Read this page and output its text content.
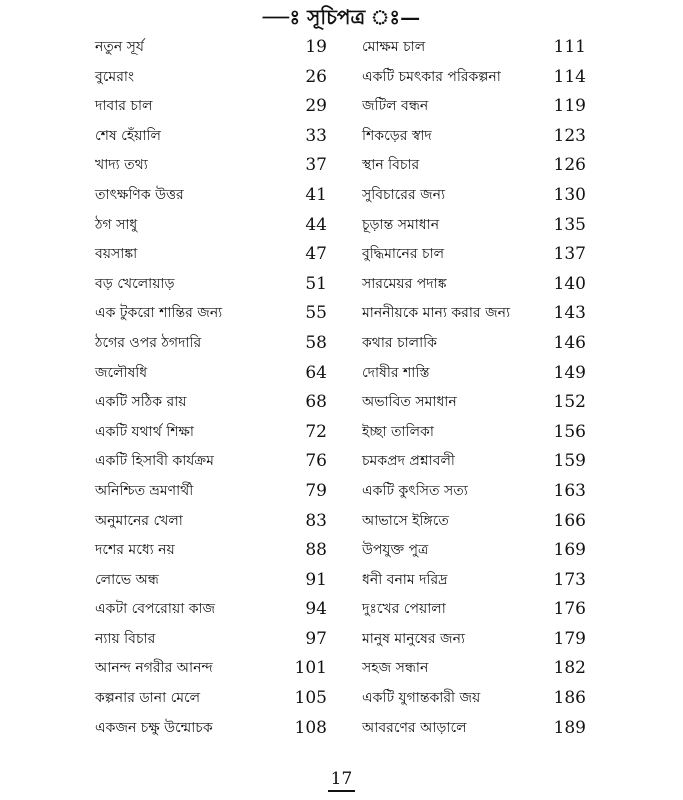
—ঃ সূচিপত্র ঃ—
নতুন সূর্য	19
বুমেরাং	26
দাবার চাল	29
শেষ হেঁয়ালি	33
খাদ্য তথ্য	37
তাৎক্ষণিক উত্তর	41
ঠগ সাধু	44
বয়সাঙ্কা	47
বড় খেলোয়াড়	51
এক টুকরো শান্তির জন্য	55
ঠগের ওপর ঠগদারি	58
জলৌষধি	64
একটি সঠিক রায়	68
একটি যথার্থ শিক্ষা	72
একটি হিসাবী কার্যক্রম	76
অনিশ্চিত ভ্রমণার্থী	79
অনুমানের খেলা	83
দশের মধ্যে নয়	88
লোভে অন্ধ	91
একটা বেপরোয়া কাজ	94
ন্যায় বিচার	97
আনন্দ নগরীর আনন্দ	101
কল্পনার ডানা মেলে	105
একজন চক্ষু উন্মোচক	108
মোক্ষম চাল	111
একটি চমৎকার পরিকল্পনা	114
জটিল বন্ধন	119
শিকড়ের স্বাদ	123
স্থান বিচার	126
সুবিচারের জন্য	130
চূড়ান্ত সমাধান	135
বুদ্ধিমানের চাল	137
সারমেয়র পদাঙ্ক	140
মাননীয়কে মান্য করার জন্য	143
কথার চালাকি	146
দোষীর শাস্তি	149
অভাবিত সমাধান	152
ইচ্ছা তালিকা	156
চমকপ্রদ প্রশ্নাবলী	159
একটি কুৎসিত সত্য	163
আভাসে ইঙ্গিতে	166
উপযুক্ত পুত্র	169
ধনী বনাম দরিদ্র	173
দুঃখের পেয়ালা	176
মানুষ মানুষের জন্য	179
সহজ সন্ধান	182
একটি যুগান্তকারী জয়	186
আবরণের আড়ালে	189
17
